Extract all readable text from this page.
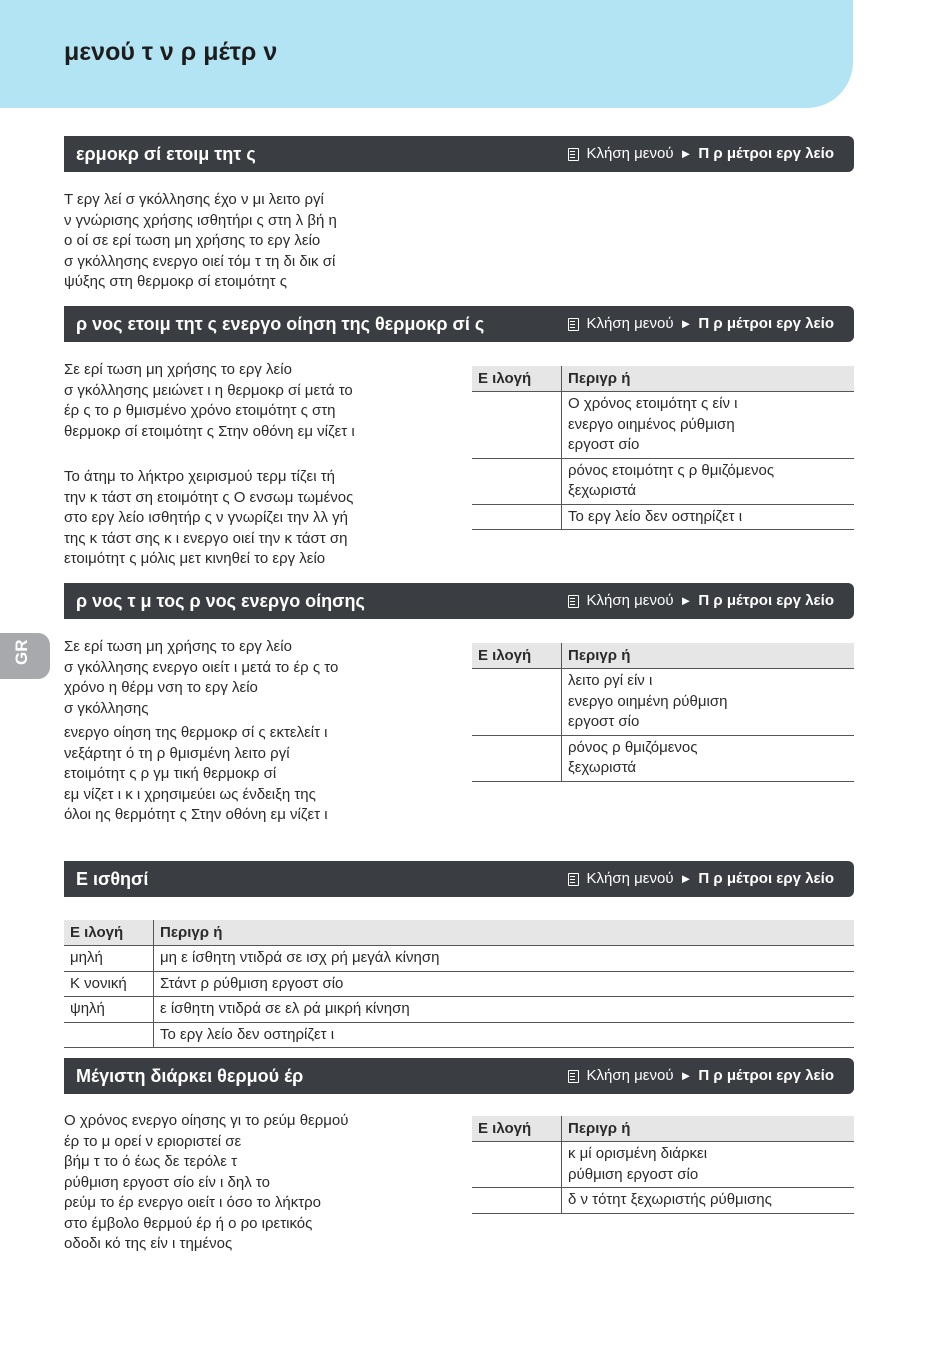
μενού τ ν ρ μέτρ ν
GR
ερμοκρ σί ετοιμ τητ ς	Κλήση μενού ► Π ρ μέτροι εργ λείο
Τ εργ λεί σ γκόλλησης έχο ν μι λειτο ργί
ν γνώρισης χρήσης ισθητήρι ς στη λ βή η
ο οί σε ερί τωση μη χρήσης το εργ λείο
σ γκόλλησης ενεργο οιεί τόμ τ τη δι δικ σί
ψύξης στη θερμοκρ σί ετοιμότητ ς
ρ νος ετοιμ τητ ς ενεργο οίηση της θερμοκρ σί ς	Κλήση μενού ► Π ρ μέτροι εργ λείο
Σε ερί τωση μη χρήσης το εργ λείο
σ γκόλλησης μειώνετ ι η θερμοκρ σί μετά το
έρ ς το ρ θμισμένο χρόνο ετοιμότητ ς στη
θερμοκρ σί ετοιμότητ ς Στην οθόνη εμ νίζετ ι
Το άτημ το λήκτρο χειρισμού τερμ τίζει τή
την κ τάστ ση ετοιμότητ ς Ο ενσωμ τωμένος
στο εργ λείο ισθητήρ ς ν γνωρίζει την λλ γή
της κ τάστ σης κ ι ενεργο οιεί την κ τάστ ση
ετοιμότητ ς μόλις μετ κινηθεί το εργ λείο
Ε ιλογή	Περιγρ ή
	Ο χρόνος ετοιμότητ ς είν ι
ενεργο οιημένος ρύθμιση
εργοστ σίο
	ρόνος ετοιμότητ ς ρ θμιζόμενος
ξεχωριστά
	Το εργ λείο δεν οστηρίζετ ι
ρ νος τ μ τος ρ νος ενεργο οίησης	Κλήση μενού ► Π ρ μέτροι εργ λείο
Σε ερί τωση μη χρήσης το εργ λείο
σ γκόλλησης ενεργο οιείτ ι μετά το έρ ς το
χρόνο η θέρμ νση το εργ λείο
σ γκόλλησης
ενεργο οίηση της θερμοκρ σί ς εκτελείτ ι
νεξάρτητ ό τη ρ θμισμένη λειτο ργί
ετοιμότητ ς ρ γμ τική θερμοκρ σί
εμ νίζετ ι κ ι χρησιμεύει ως ένδειξη της
όλοι ης θερμότητ ς Στην οθόνη εμ νίζετ ι
Ε ιλογή	Περιγρ ή
	λειτο ργί είν ι
ενεργο οιημένη ρύθμιση
εργοστ σίο
	ρόνος ρ θμιζόμενος
ξεχωριστά
Ε ισθησί	Κλήση μενού ► Π ρ μέτροι εργ λείο
Ε ιλογή	Περιγρ ή
μηλή	μη ε ίσθητη ντιδρά σε ισχ ρή μεγάλ κίνηση
Κ νονική	Στάντ ρ ρύθμιση εργοστ σίο
ψηλή	ε ίσθητη ντιδρά σε ελ ρά μικρή κίνηση
	Το εργ λείο δεν οστηρίζετ ι
Μέγιστη διάρκει θερμού έρ	Κλήση μενού ► Π ρ μέτροι εργ λείο
Ο χρόνος ενεργο οίησης γι το ρεύμ θερμού
έρ το μ ορεί ν εριοριστεί σε
βήμ τ το ό έως δε τερόλε τ
ρύθμιση εργοστ σίο είν ι δηλ το
ρεύμ το έρ ενεργο οιείτ ι όσο το λήκτρο
στο έμβολο θερμού έρ ή ο ρο ιρετικός
οδοδι κό της είν ι τημένος
Ε ιλογή	Περιγρ ή
	κ μί ορισμένη διάρκει
ρύθμιση εργοστ σίο
	δ ν τότητ ξεχωριστής ρύθμισης
